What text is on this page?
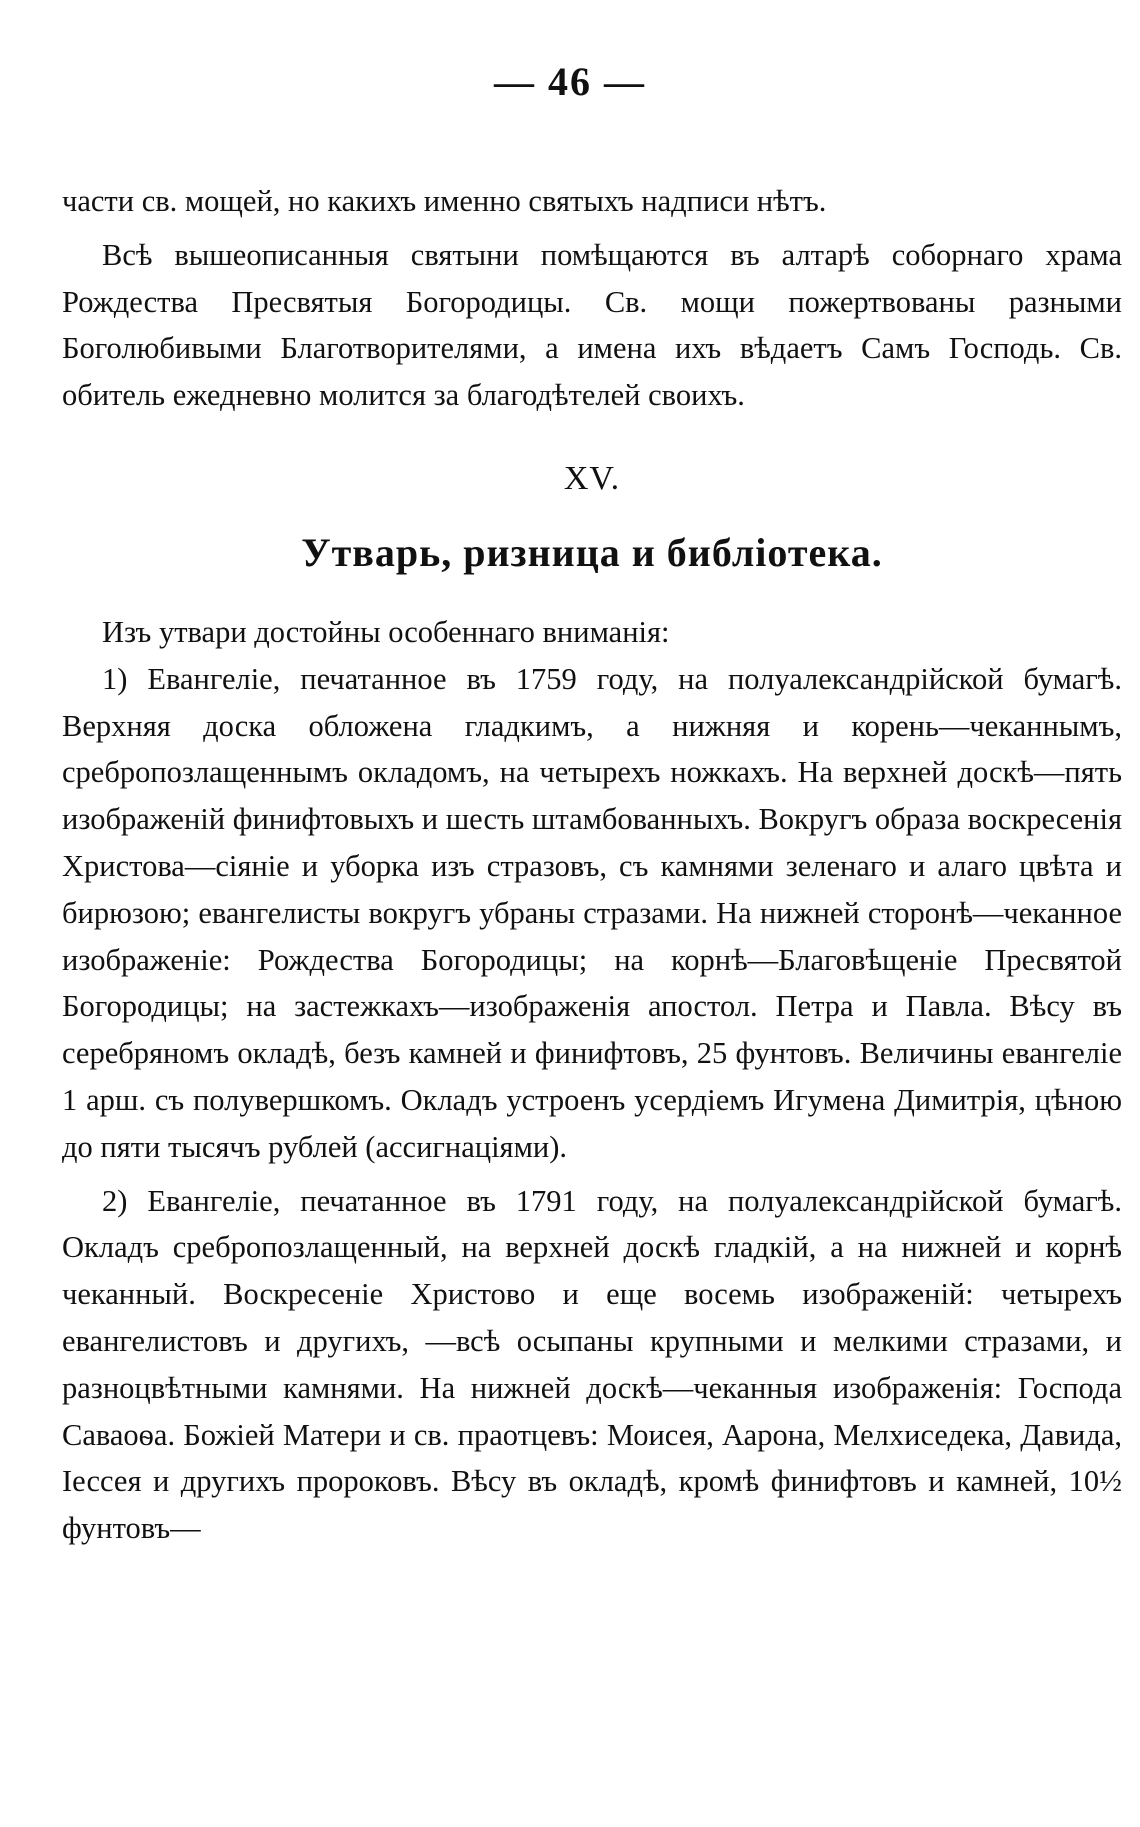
— 46 —

части св. мощей, но какихъ именно святыхъ надписи нѣтъ.

Всѣ вышеописанныя святыни помѣщаются въ алтарѣ соборнаго храма Рождества Пресвятыя Богородицы. Св. мощи пожертвованы разными Боголюбивыми Благотворителями, а имена ихъ вѣдаетъ Самъ Господь. Св. обитель ежедневно молится за благодѣтелей своихъ.

XV.

Утварь, ризница и библіотека.

Изъ утвари достойны особеннаго вниманія:

1) Евангеліе, печатанное въ 1759 году, на полуалександрійской бумагѣ. Верхняя доска обложена гладкимъ, а нижняя и корень—чеканнымъ, сребропозлащеннымъ окладомъ, на четырехъ ножкахъ. На верхней доскѣ—пять изображеній финифтовыхъ и шесть штамбованныхъ. Вокругъ образа воскресенія Христова—сіяніе и уборка изъ стразовъ, съ камнями зеленаго и алаго цвѣта и бирюзою; евангелисты вокругъ убраны стразами. На нижней сторонѣ—чеканное изображеніе: Рождества Богородицы; на корнѣ—Благовѣщеніе Пресвятой Богородицы; на застежкахъ—изображенія апостол. Петра и Павла. Вѣсу въ серебряномъ окладѣ, безъ камней и финифтовъ, 25 фунтовъ. Величины евангеліе 1 арш. съ полувершкомъ. Окладъ устроенъ усердіемъ Игумена Димитрія, цѣною до пяти тысячъ рублей (ассигнаціями).

2) Евангеліе, печатанное въ 1791 году, на полуалександрійской бумагѣ. Окладъ сребропозлащенный, на верхней доскѣ гладкій, а на нижней и корнѣ чеканный. Воскресеніе Христово и еще восемь изображеній: четырехъ евангелистовъ и другихъ, —всѣ осыпаны крупными и мелкими стразами, и разноцвѣтными камнями. На нижней доскѣ—чеканныя изображенія: Господа Саваоѳа. Божіей Матери и св. праотцевъ: Моисея, Аарона, Мелхиседека, Давида, Іессея и другихъ пророковъ. Вѣсу въ окладѣ, кромѣ финифтовъ и камней, 10½ фунтовъ—
